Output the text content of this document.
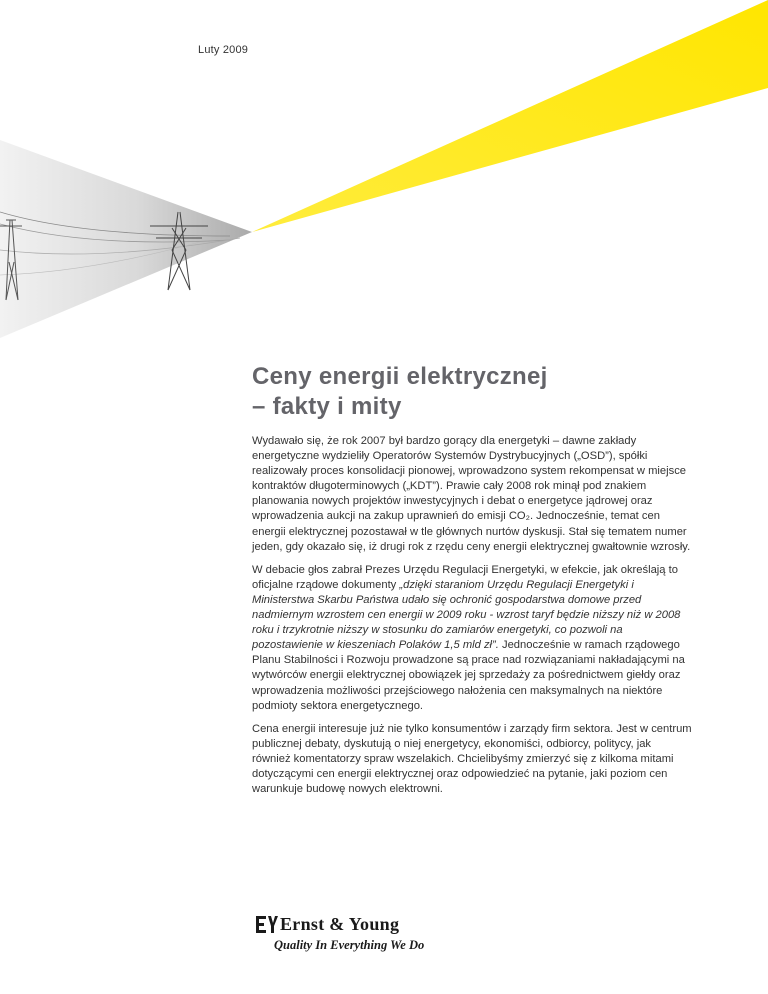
Luty 2009
Ceny energii elektrycznej
– fakty i mity

Wydawało się, że rok 2007 był bardzo gorący dla energetyki – dawne zakłady energetyczne wydzieliły Operatorów Systemów Dystrybucyjnych („OSD”), spółki realizowały proces konsolidacji pionowej, wprowadzono system rekompensat w miejsce kontraktów długoterminowych („KDT”). Prawie cały 2008 rok minął pod znakiem planowania nowych projektów inwestycyjnych i debat o energetyce jądrowej oraz wprowadzenia aukcji na zakup uprawnień do emisji CO₂. Jednocześnie, temat cen energii elektrycznej pozostawał w tle głównych nurtów dyskusji. Stał się tematem numer jeden, gdy okazało się, iż drugi rok z rzędu ceny energii elektrycznej gwałtownie wzrosły.

W debacie głos zabrał Prezes Urzędu Regulacji Energetyki, w efekcie, jak określają to oficjalne rządowe dokumenty „dzięki staraniom Urzędu Regulacji Energetyki i Ministerstwa Skarbu Państwa udało się ochronić gospodarstwa domowe przed nadmiernym wzrostem cen energii w 2009 roku - wzrost taryf będzie niższy niż w 2008 roku i trzykrotnie niższy w stosunku do zamiarów energetyki, co pozwoli na pozostawienie w kieszeniach Polaków 1,5 mld zł”. Jednocześnie w ramach rządowego Planu Stabilności i Rozwoju prowadzone są prace nad rozwiązaniami nakładającymi na wytwórców energii elektrycznej obowiązek jej sprzedaży za pośrednictwem giełdy oraz wprowadzenia możliwości przejściowego nałożenia cen maksymalnych na niektóre podmioty sektora energetycznego.

Cena energii interesuje już nie tylko konsumentów i zarządy firm sektora. Jest w centrum publicznej debaty, dyskutują o niej energetycy, ekonomiści, odbiorcy, politycy, jak również komentatorzy spraw wszelakich. Chcielibyśmy zmierzyć się z kilkoma mitami dotyczącymi cen energii elektrycznej oraz odpowiedzieć na pytanie, jaki poziom cen warunkuje budowę nowych elektrowni.

Ernst & Young
Quality In Everything We Do
